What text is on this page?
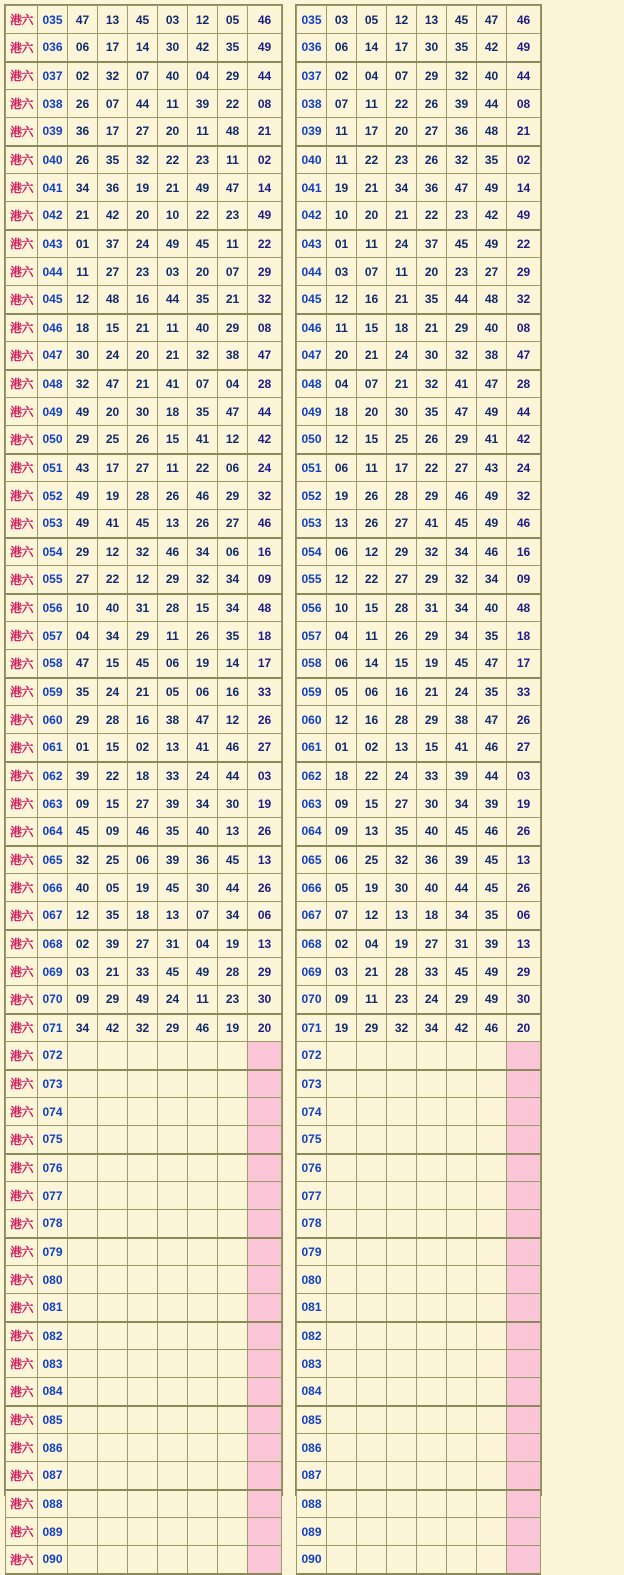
港六	035	47	13	45	03	12	05	46
港六	036	06	17	14	30	42	35	49
港六	037	02	32	07	40	04	29	44
港六	038	26	07	44	11	39	22	08
港六	039	36	17	27	20	11	48	21
港六	040	26	35	32	22	23	11	02
港六	041	34	36	19	21	49	47	14
港六	042	21	42	20	10	22	23	49
港六	043	01	37	24	49	45	11	22
港六	044	11	27	23	03	20	07	29
港六	045	12	48	16	44	35	21	32
港六	046	18	15	21	11	40	29	08
港六	047	30	24	20	21	32	38	47
港六	048	32	47	21	41	07	04	28
港六	049	49	20	30	18	35	47	44
港六	050	29	25	26	15	41	12	42
港六	051	43	17	27	11	22	06	24
港六	052	49	19	28	26	46	29	32
港六	053	49	41	45	13	26	27	46
港六	054	29	12	32	46	34	06	16
港六	055	27	22	12	29	32	34	09
港六	056	10	40	31	28	15	34	48
港六	057	04	34	29	11	26	35	18
港六	058	47	15	45	06	19	14	17
港六	059	35	24	21	05	06	16	33
港六	060	29	28	16	38	47	12	26
港六	061	01	15	02	13	41	46	27
港六	062	39	22	18	33	24	44	03
港六	063	09	15	27	39	34	30	19
港六	064	45	09	46	35	40	13	26
港六	065	32	25	06	39	36	45	13
港六	066	40	05	19	45	30	44	26
港六	067	12	35	18	13	07	34	06
港六	068	02	39	27	31	04	19	13
港六	069	03	21	33	45	49	28	29
港六	070	09	29	49	24	11	23	30
港六	071	34	42	32	29	46	19	20
港六	072							
港六	073							
港六	074							
港六	075							
港六	076							
港六	077							
港六	078							
港六	079							
港六	080							
港六	081							
港六	082							
港六	083							
港六	084							
港六	085							
港六	086							
港六	087							
港六	088							
港六	089							
港六	090							
035	03	05	12	13	45	47	46
036	06	14	17	30	35	42	49
037	02	04	07	29	32	40	44
038	07	11	22	26	39	44	08
039	11	17	20	27	36	48	21
040	11	22	23	26	32	35	02
041	19	21	34	36	47	49	14
042	10	20	21	22	23	42	49
043	01	11	24	37	45	49	22
044	03	07	11	20	23	27	29
045	12	16	21	35	44	48	32
046	11	15	18	21	29	40	08
047	20	21	24	30	32	38	47
048	04	07	21	32	41	47	28
049	18	20	30	35	47	49	44
050	12	15	25	26	29	41	42
051	06	11	17	22	27	43	24
052	19	26	28	29	46	49	32
053	13	26	27	41	45	49	46
054	06	12	29	32	34	46	16
055	12	22	27	29	32	34	09
056	10	15	28	31	34	40	48
057	04	11	26	29	34	35	18
058	06	14	15	19	45	47	17
059	05	06	16	21	24	35	33
060	12	16	28	29	38	47	26
061	01	02	13	15	41	46	27
062	18	22	24	33	39	44	03
063	09	15	27	30	34	39	19
064	09	13	35	40	45	46	26
065	06	25	32	36	39	45	13
066	05	19	30	40	44	45	26
067	07	12	13	18	34	35	06
068	02	04	19	27	31	39	13
069	03	21	28	33	45	49	29
070	09	11	23	24	29	49	30
071	19	29	32	34	42	46	20
072							
073							
074							
075							
076							
077							
078							
079							
080							
081							
082							
083							
084							
085							
086							
087							
088							
089							
090							
